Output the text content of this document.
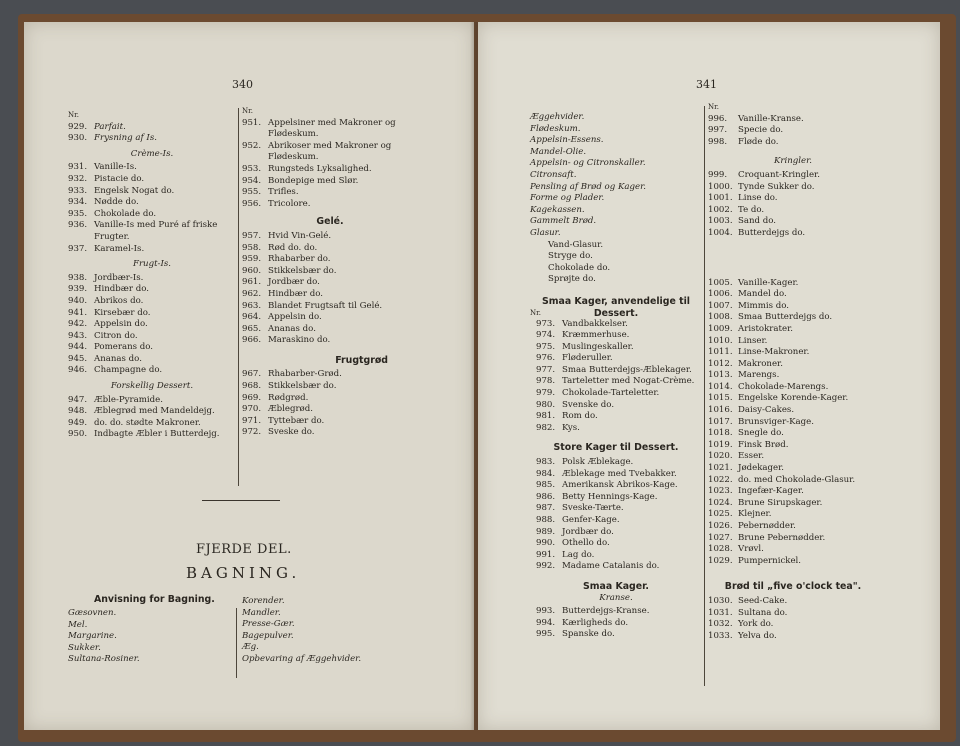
340
Nr.
929. Parfait.
930. Frysning af Is.
Crème-Is.
931. Vanille-Is.
932. Pistacie do.
933. Engelsk Nogat do.
934. Nødde do.
935. Chokolade do.
936. Vanille-Is med Puré af friske Frugter.
937. Karamel-Is.
Frugt-Is.
938. Jordbær-Is.
939. Hindbær do.
940. Abrikos do.
941. Kirsebær do.
942. Appelsin do.
943. Citron do.
944. Pomerans do.
945. Ananas do.
946. Champagne do.
Forskellig Dessert.
947. Æble-Pyramide.
948. Æblegrød med Mandeldejg.
949. do. do. stødte Makroner.
950. Indbagte Æbler i Butterdejg.
Nr.
951. Appelsiner med Makroner og Flødeskum.
952. Abrikoser med Makroner og Flødeskum.
953. Rungsteds Lyksalighed.
954. Bondepige med Slør.
955. Trifles.
956. Tricolore.
Gelé.
957. Hvid Vin-Gelé.
958. Rød do. do.
959. Rhabarber do.
960. Stikkelsbær do.
961. Jordbær do.
962. Hindbær do.
963. Blandet Frugtsaft til Gelé.
964. Appelsin do.
965. Ananas do.
966. Maraskino do.
Frugtgrød
967. Rhabarber-Grød.
968. Stikkelsbær do.
969. Rødgrød.
970. Æblegrød.
971. Tyttebær do.
972. Sveske do.
FJERDE DEL.
BAGNING.
Anvisning for Bagning.
Gæsovnen.
Mel.
Margarine.
Sukker.
Sultana-Rosiner.
Korender.
Mandler.
Presse-Gær.
Bagepulver.
Æg.
Opbevaring af Æggehvider.
341
Æggehvider.
Flødeskum.
Appelsin-Essens.
Mandel-Olie.
Appelsin- og Citronskaller.
Citronsaft.
Pensling af Brød og Kager.
Forme og Plader.
Kagekassen.
Gammelt Brød.
Glasur.
Vand-Glasur.
Stryge do.
Chokolade do.
Sprøjte do.
Smaa Kager, anvendelige til
Nr.	Dessert.
973. Vandbakkelser.
974. Kræmmerhuse.
975. Muslingeskaller.
976. Fløderuller.
977. Smaa Butterdejgs-Æblekager.
978. Tarteletter med Nogat-Crème.
979. Chokolade-Tarteletter.
980. Svenske do.
981. Rom do.
982. Kys.
Store Kager til Dessert.
983. Polsk Æblekage.
984. Æblekage med Tvebakker.
985. Amerikansk Abrikos-Kage.
986. Betty Hennings-Kage.
987. Sveske-Tærte.
988. Genfer-Kage.
989. Jordbær do.
990. Othello do.
991. Lag do.
992. Madame Catalanis do.
Smaa Kager.
Kranse.
993. Butterdejgs-Kranse.
994. Kærligheds do.
995. Spanske do.
Nr.
996.	Vanille-Kranse.
997.	Specie do.
998.	Fløde do.
Kringler.
999.	Croquant-Kringler.
1000. Tynde Sukker do.
1001. Linse do.
1002. Te do.
1003. Sand do.
1004. Butterdejgs do.
1005. Vanille-Kager.
1006. Mandel do.
1007. Mimmis do.
1008. Smaa Butterdejgs do.
1009. Aristokrater.
1010. Linser.
1011. Linse-Makroner.
1012. Makroner.
1013. Marengs.
1014. Chokolade-Marengs.
1015. Engelske Korende-Kager.
1016. Daisy-Cakes.
1017. Brunsviger-Kage.
1018. Snegle do.
1019. Finsk Brød.
1020. Esser.
1021. Jødekager.
1022. do. med Chokolade-Glasur.
1023. Ingefær-Kager.
1024. Brune Sirupskager.
1025. Klejner.
1026. Pebernødder.
1027. Brune Pebernødder.
1028. Vrøvl.
1029. Pumpernickel.
Brød til „five o'clock tea".
1030. Seed-Cake.
1031. Sultana do.
1032. York do.
1033. Yelva do.
